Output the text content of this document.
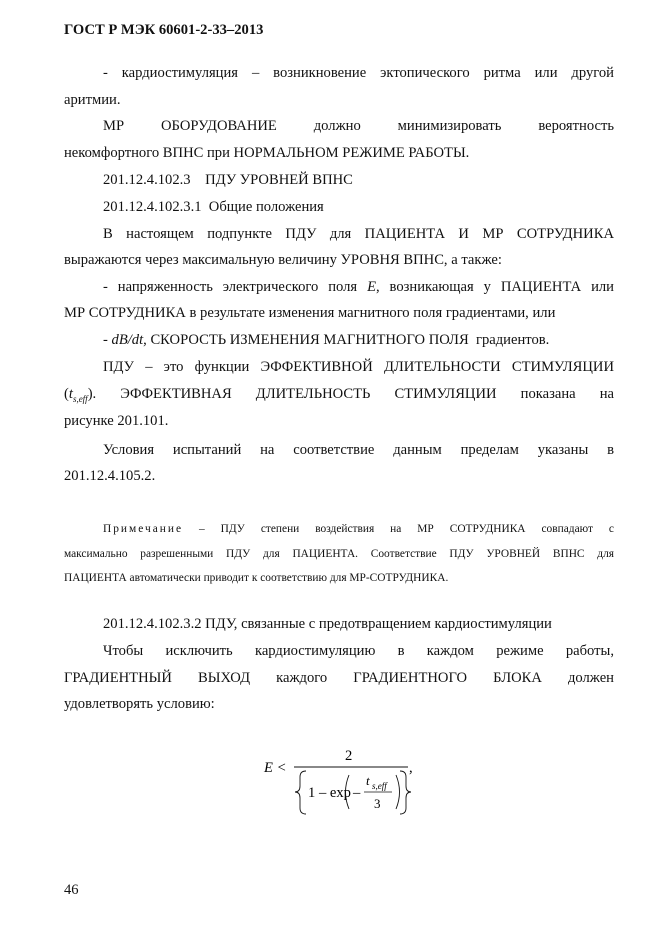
ГОСТ Р МЭК 60601-2-33–2013
- кардиостимуляция – возникновение эктопического ритма или другой
аритмии.
МР ОБОРУДОВАНИЕ должно минимизировать вероятность
некомфортного ВПНС при НОРМАЛЬНОМ РЕЖИМЕ РАБОТЫ.
201.12.4.102.3 ПДУ УРОВНЕЙ ВПНС
201.12.4.102.3.1 Общие положения
В настоящем подпункте ПДУ для ПАЦИЕНТА И МР СОТРУДНИКА
выражаются через максимальную величину УРОВНЯ ВПНС, а также:
- напряженность электрического поля E, возникающая у ПАЦИЕНТА или
МР СОТРУДНИКА в результате изменения магнитного поля градиентами, или
- dB/dt, СКОРОСТЬ ИЗМЕНЕНИЯ МАГНИТНОГО ПОЛЯ градиентов.
ПДУ – это функции ЭФФЕКТИВНОЙ ДЛИТЕЛЬНОСТИ СТИМУЛЯЦИИ
$(t_{s,eff})$. ЭФФЕКТИВНАЯ ДЛИТЕЛЬНОСТЬ СТИМУЛЯЦИИ показана на
рисунке 201.101.
Условия испытаний на соответствие данным пределам указаны в
201.12.4.105.2.
Примечание – ПДУ степени воздействия на МР СОТРУДНИКА совпадают с
максимально разрешенными ПДУ для ПАЦИЕНТА. Соответствие ПДУ УРОВНЕЙ ВПНС для
ПАЦИЕНТА автоматически приводит к соответствию для МР-СОТРУДНИКА.
201.12.4.102.3.2 ПДУ, связанные с предотвращением кардиостимуляции
Чтобы исключить кардиостимуляцию в каждом режиме работы,
ГРАДИЕНТНЫЙ ВЫХОД каждого ГРАДИЕНТНОГО БЛОКА должен
удовлетворять условию:
E <
2
,
1 – exp –
t s,eff
3
46
